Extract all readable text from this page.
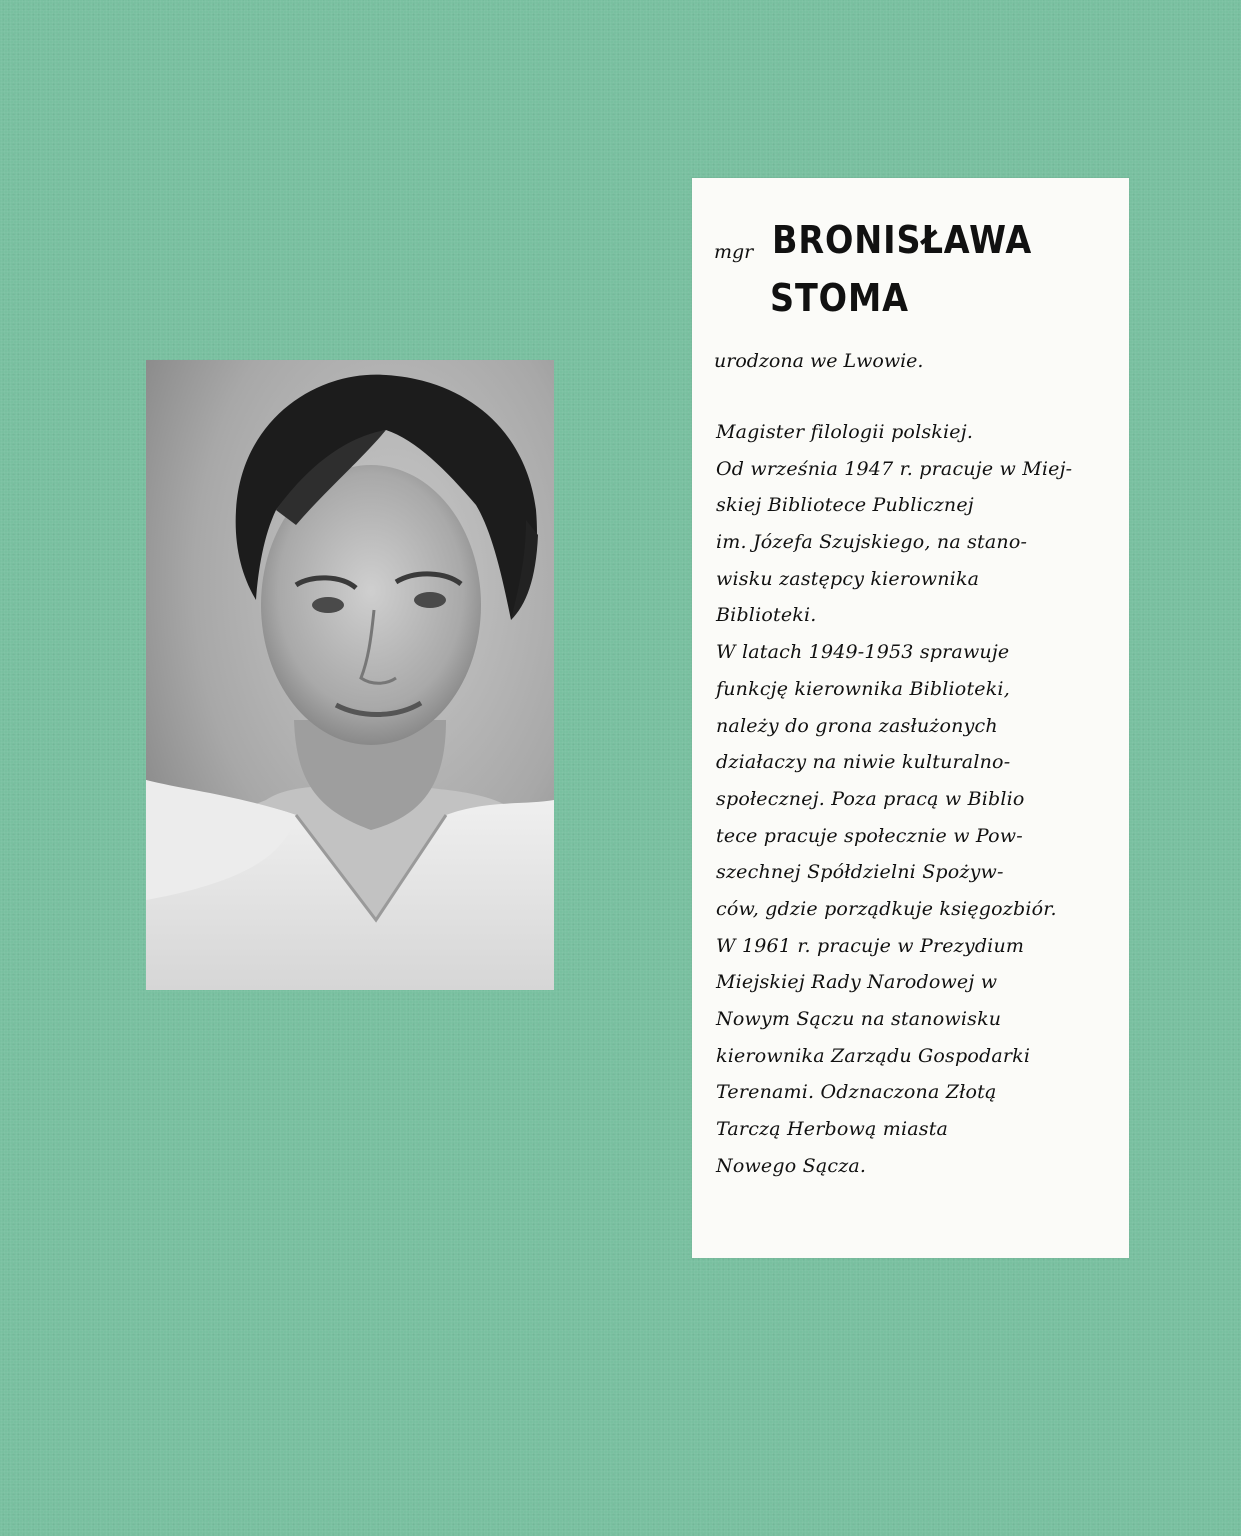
mgr BRONISŁAWA
STOMA
urodzona we Lwowie.
Magister filologii polskiej.
Od września 1947 r. pracuje w Miej-
skiej Bibliotece Publicznej
im. Józefa Szujskiego, na stano-
wisku zastępcy kierownika
Biblioteki.
W latach 1949-1953 sprawuje
funkcję kierownika Biblioteki,
należy do grona zasłużonych
działaczy na niwie kulturalno-
społecznej. Poza pracą w Biblio
tece pracuje społecznie w Pow-
szechnej Spółdzielni Spożyw-
ców, gdzie porządkuje księgozbiór.
W 1961 r. pracuje w Prezydium
Miejskiej Rady Narodowej w
Nowym Sączu na stanowisku
kierownika Zarządu Gospodarki
Terenami. Odznaczona Złotą
Tarczą Herbową miasta
Nowego Sącza.
